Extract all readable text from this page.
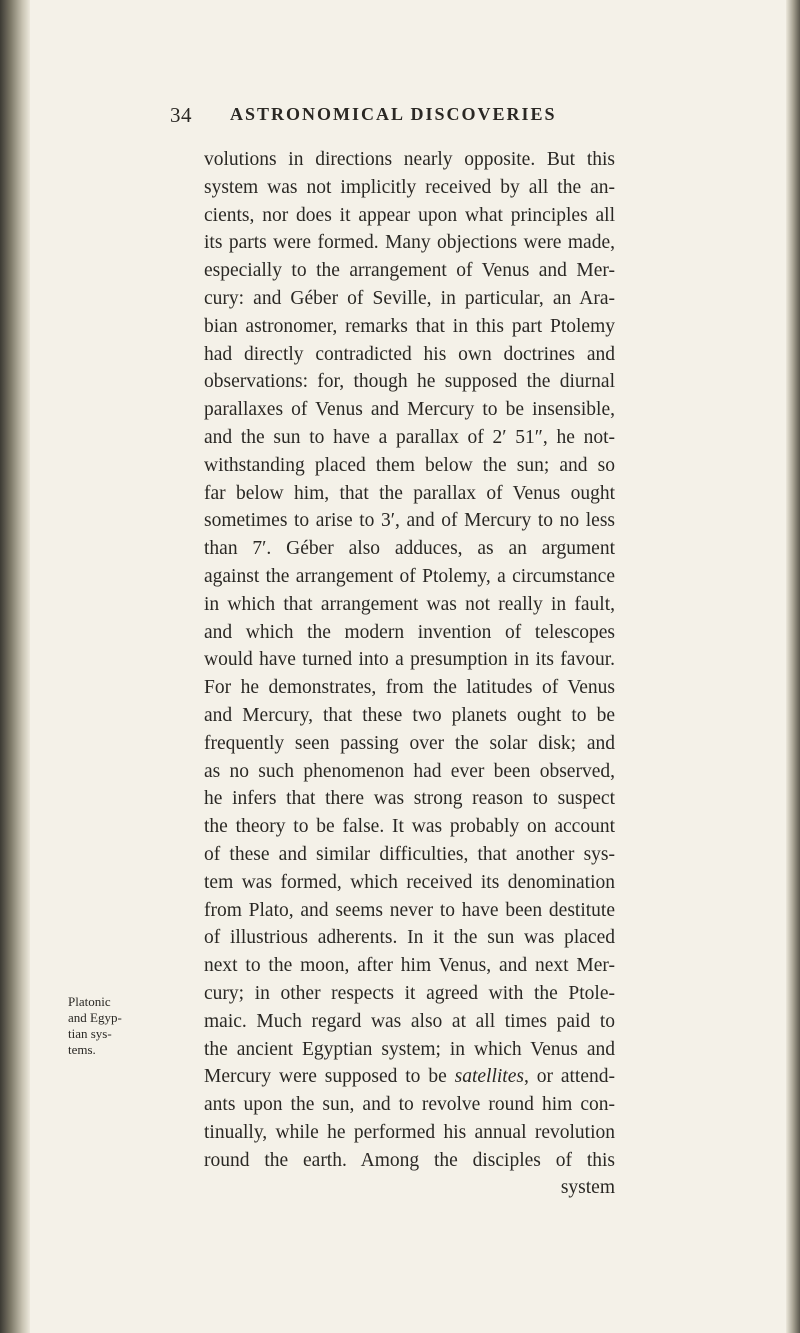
34 ASTRONOMICAL DISCOVERIES
Platonic
and Egyp-
tian sys-
tems.
volutions in directions nearly opposite. But this
system was not implicitly received by all the an-
cients, nor does it appear upon what principles all
its parts were formed. Many objections were made,
especially to the arrangement of Venus and Mer-
cury: and Géber of Seville, in particular, an Ara-
bian astronomer, remarks that in this part Ptolemy
had directly contradicted his own doctrines and
observations: for, though he supposed the diurnal
parallaxes of Venus and Mercury to be insensible,
and the sun to have a parallax of 2′ 51″, he not-
withstanding placed them below the sun; and so
far below him, that the parallax of Venus ought
sometimes to arise to 3′, and of Mercury to no less
than 7′. Géber also adduces, as an argument
against the arrangement of Ptolemy, a circumstance
in which that arrangement was not really in fault,
and which the modern invention of telescopes
would have turned into a presumption in its favour.
For he demonstrates, from the latitudes of Venus
and Mercury, that these two planets ought to be
frequently seen passing over the solar disk; and
as no such phenomenon had ever been observed,
he infers that there was strong reason to suspect
the theory to be false. It was probably on account
of these and similar difficulties, that another sys-
tem was formed, which received its denomination
from Plato, and seems never to have been destitute
of illustrious adherents. In it the sun was placed
next to the moon, after him Venus, and next Mer-
cury; in other respects it agreed with the Ptole-
maic. Much regard was also at all times paid to
the ancient Egyptian system; in which Venus and
Mercury were supposed to be satellites, or attend-
ants upon the sun, and to revolve round him con-
tinually, while he performed his annual revolution
round the earth. Among the disciples of this
system
